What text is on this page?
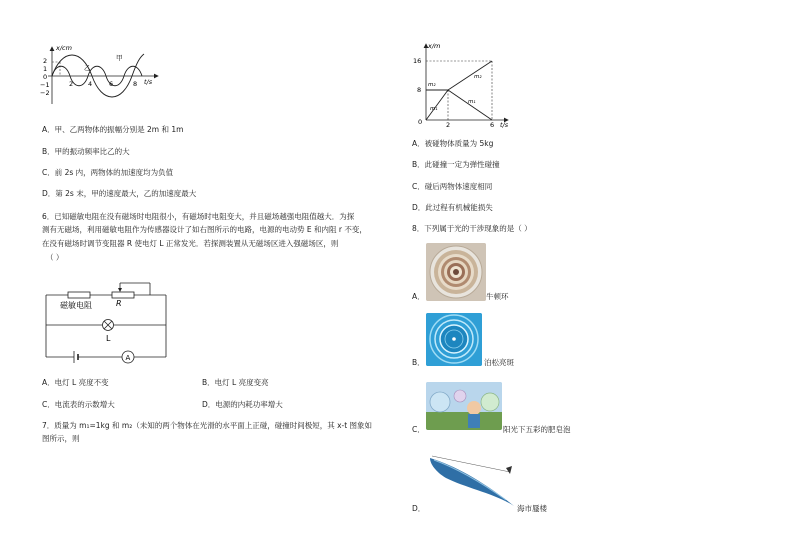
x/cm
t/s
2
1
0
−1
−2
2 4	6	8
乙
甲
A．甲、乙两物体的振幅分别是 2m 和 1m
B．甲的振动频率比乙的大
C．前 2s 内，两物体的加速度均为负值
D．第 2s 末，甲的速度最大，乙的加速度最大
6．已知磁敏电阻在没有磁场时电阻很小，有磁场时电阻变大，并且磁场越强电阻值越大．为探
测有无磁场，利用磁敏电阻作为传感器设计了如右图所示的电路，电源的电动势 E 和内阻 r 不变，
在没有磁场时调节变阻器 R 使电灯 L 正常发光．若探测装置从无磁场区进入强磁场区，则
（ ）
磁敏电阻	R
L
A
A．电灯 L 亮度不变	B．电灯 L 亮度变亮
C．电流表的示数增大	D．电源的内耗功率增大
7．质量为 m₁=1kg 和 m₂（未知的两个物体在光滑的水平面上正碰，碰撞时间极短，其 x-t 图象如
图所示，则
x/m
t/s
16
8
0	2	6
m₂
m₁
m₂
m₁
A．被碰物体质量为 5kg
B．此碰撞一定为弹性碰撞
C．碰后两物体速度相同
D．此过程有机械能损失
8．下列属于光的干涉现象的是（ ）
A．	牛顿环
B．	泊松亮斑
C．	阳光下五彩的肥皂泡
D．	海市蜃楼
